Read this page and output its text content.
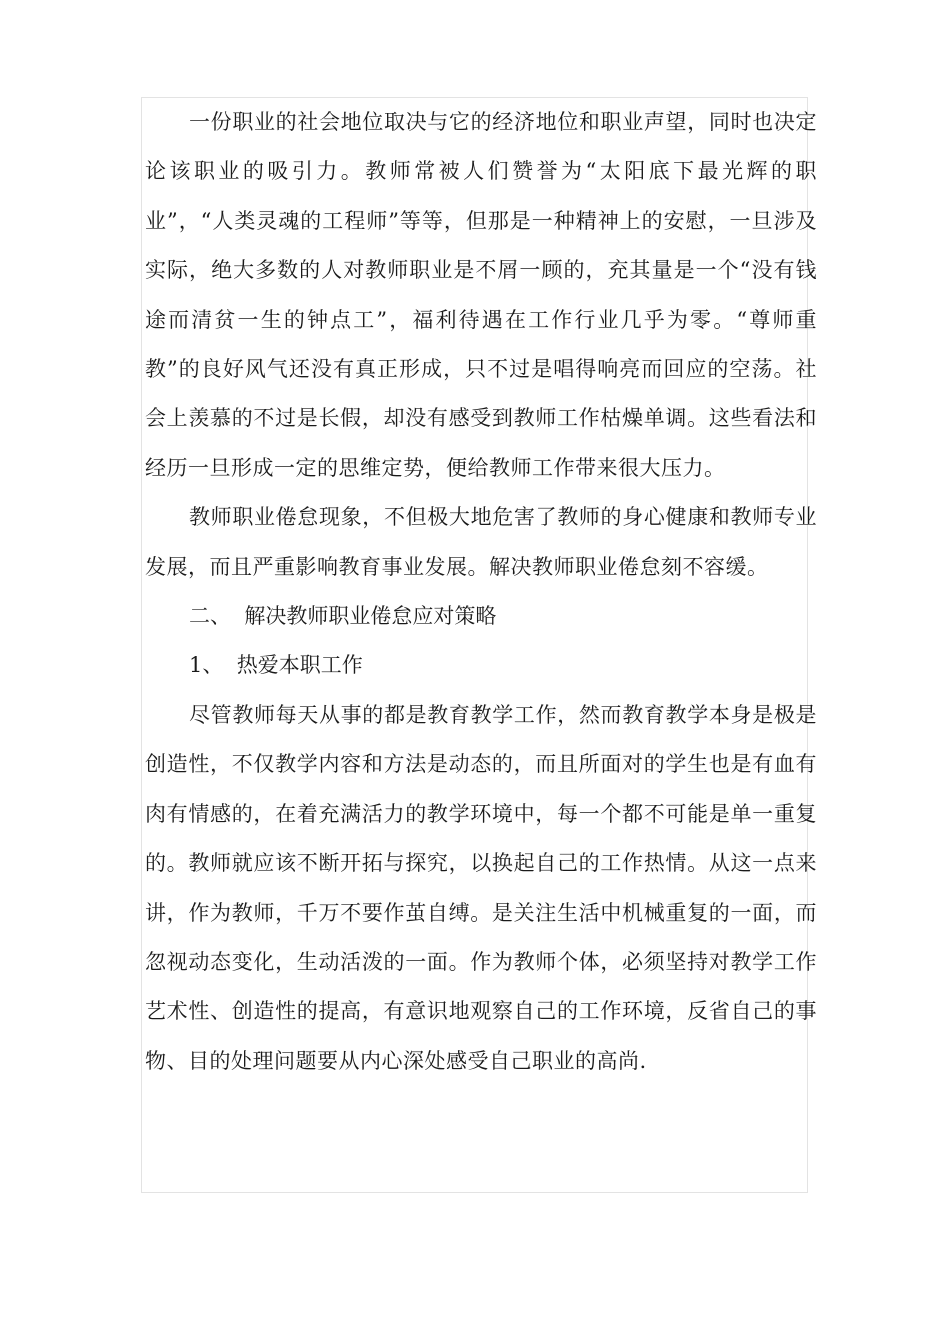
一份职业的社会地位取决与它的经济地位和职业声望，同时也决定论该职业的吸引力。教师常被人们赞誉为“太阳底下最光辉的职业”，“人类灵魂的工程师”等等，但那是一种精神上的安慰，一旦涉及实际，绝大多数的人对教师职业是不屑一顾的，充其量是一个“没有钱途而清贫一生的钟点工”，福利待遇在工作行业几乎为零。“尊师重教”的良好风气还没有真正形成，只不过是唱得响亮而回应的空荡。社会上羡慕的不过是长假，却没有感受到教师工作枯燥单调。这些看法和经历一旦形成一定的思维定势，便给教师工作带来很大压力。

教师职业倦怠现象，不但极大地危害了教师的身心健康和教师专业发展，而且严重影响教育事业发展。解决教师职业倦怠刻不容缓。

二、  解决教师职业倦怠应对策略

1、  热爱本职工作

尽管教师每天从事的都是教育教学工作，然而教育教学本身是极是创造性，不仅教学内容和方法是动态的，而且所面对的学生也是有血有肉有情感的，在着充满活力的教学环境中，每一个都不可能是单一重复的。教师就应该不断开拓与探究，以换起自己的工作热情。从这一点来讲，作为教师，千万不要作茧自缚。是关注生活中机械重复的一面，而忽视动态变化，生动活泼的一面。作为教师个体，必须坚持对教学工作艺术性、创造性的提高，有意识地观察自己的工作环境，反省自己的事物、目的处理问题要从内心深处感受自己职业的高尚.
